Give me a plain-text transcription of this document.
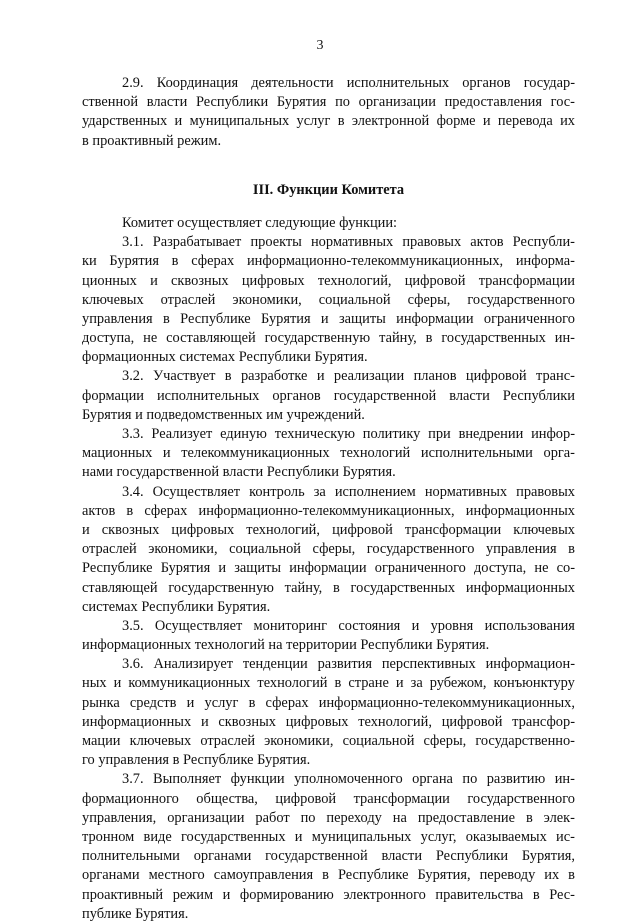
3
2.9. Координация деятельности исполнительных органов государ-
ственной власти Республики Бурятия по организации предоставления гос-
ударственных и муниципальных услуг в электронной форме и перевода их
в проактивный режим.
III. Функции Комитета
Комитет осуществляет следующие функции:
3.1. Разрабатывает проекты нормативных правовых актов Республи-
ки Бурятия в сферах информационно-телекоммуникационных, информа-
ционных и сквозных цифровых технологий, цифровой трансформации
ключевых отраслей экономики, социальной сферы, государственного
управления в Республике Бурятия и защиты информации ограниченного
доступа, не составляющей государственную тайну, в государственных ин-
формационных системах Республики Бурятия.
3.2. Участвует в разработке и реализации планов цифровой транс-
формации исполнительных органов государственной власти Республики
Бурятия и подведомственных им учреждений.
3.3. Реализует единую техническую политику при внедрении инфор-
мационных и телекоммуникационных технологий исполнительными орга-
нами государственной власти Республики Бурятия.
3.4. Осуществляет контроль за исполнением нормативных правовых
актов в сферах информационно-телекоммуникационных, информационных
и сквозных цифровых технологий, цифровой трансформации ключевых
отраслей экономики, социальной сферы, государственного управления в
Республике Бурятия и защиты информации ограниченного доступа, не со-
ставляющей государственную тайну, в государственных информационных
системах Республики Бурятия.
3.5. Осуществляет мониторинг состояния и уровня использования
информационных технологий на территории Республики Бурятия.
3.6. Анализирует тенденции развития перспективных информацион-
ных и коммуникационных технологий в стране и за рубежом, конъюнктуру
рынка средств и услуг в сферах информационно-телекоммуникационных,
информационных и сквозных цифровых технологий, цифровой трансфор-
мации ключевых отраслей экономики, социальной сферы, государственно-
го управления в Республике Бурятия.
3.7. Выполняет функции уполномоченного органа по развитию ин-
формационного общества, цифровой трансформации государственного
управления, организации работ по переходу на предоставление в элек-
тронном виде государственных и муниципальных услуг, оказываемых ис-
полнительными органами государственной власти Республики Бурятия,
органами местного самоуправления в Республике Бурятия, переводу их в
проактивный режим и формированию электронного правительства в Рес-
публике Бурятия.
